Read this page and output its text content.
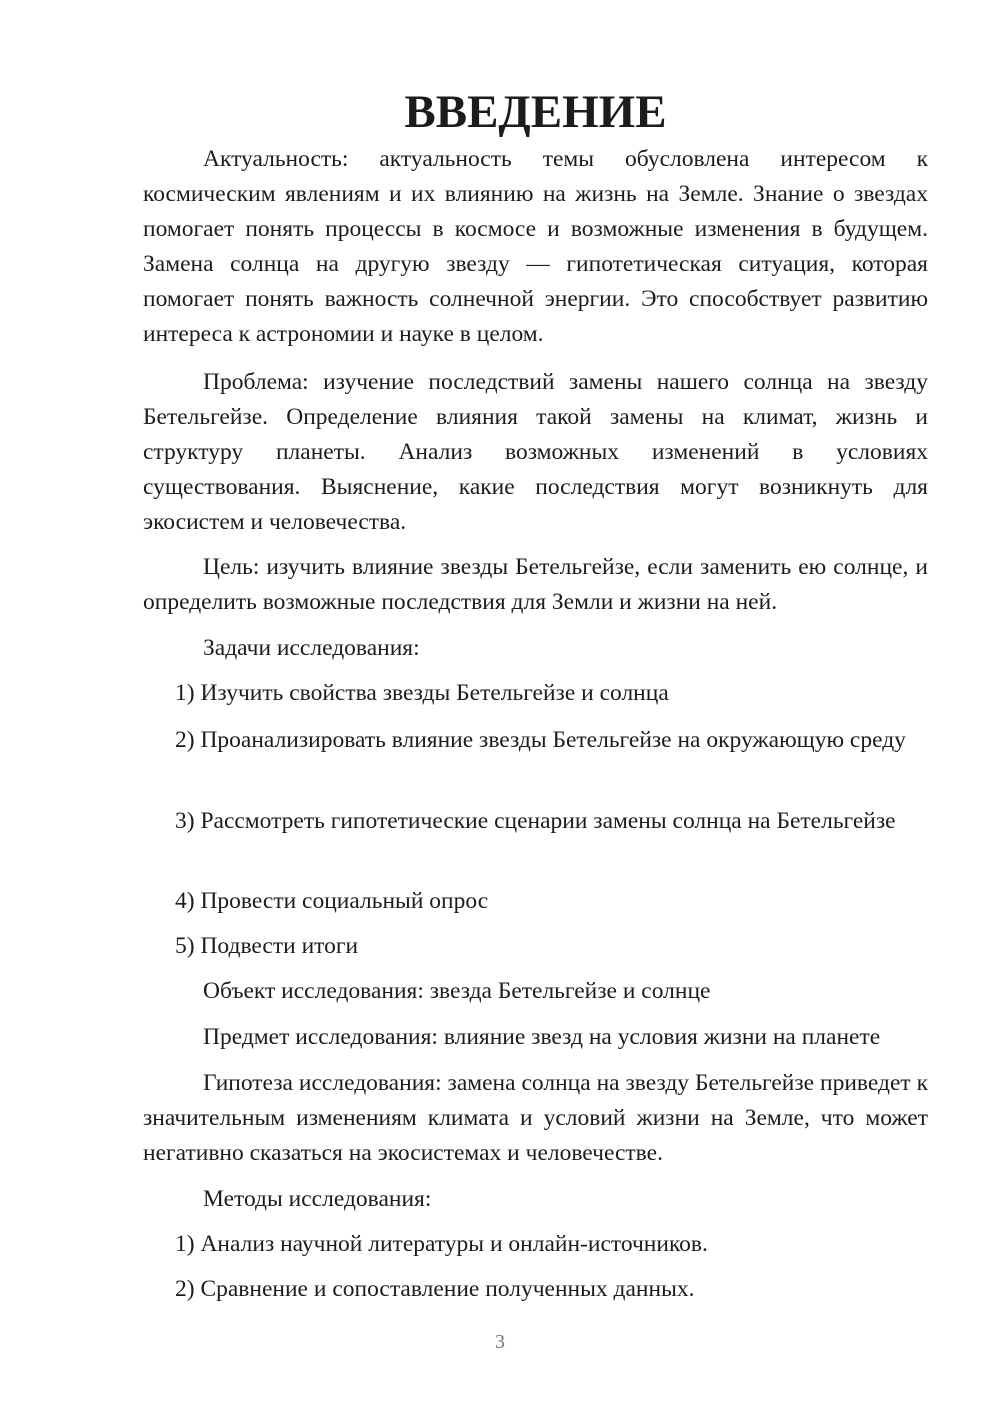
ВВЕДЕНИЕ

Актуальность: актуальность темы обусловлена интересом к космическим явлениям и их влиянию на жизнь на Земле. Знание о звездах помогает понять процессы в космосе и возможные изменения в будущем. Замена солнца на другую звезду — гипотетическая ситуация, которая помогает понять важность солнечной энергии. Это способствует развитию интереса к астрономии и науке в целом.

Проблема: изучение последствий замены нашего солнца на звезду Бетельгейзе. Определение влияния такой замены на климат, жизнь и структуру планеты. Анализ возможных изменений в условиях существования. Выяснение, какие последствия могут возникнуть для экосистем и человечества.

Цель: изучить влияние звезды Бетельгейзе, если заменить ею солнце, и определить возможные последствия для Земли и жизни на ней.

Задачи исследования:

1) Изучить свойства звезды Бетельгейзе и солнца

2) Проанализировать влияние звезды Бетельгейзе на окружающую среду

3) Рассмотреть гипотетические сценарии замены солнца на Бетельгейзе

4) Провести социальный опрос

5) Подвести итоги

Объект исследования: звезда Бетельгейзе и солнце

Предмет исследования: влияние звезд на условия жизни на планете

Гипотеза исследования: замена солнца на звезду Бетельгейзе приведет к значительным изменениям климата и условий жизни на Земле, что может негативно сказаться на экосистемах и человечестве.

Методы исследования:

1) Анализ научной литературы и онлайн-источников.

2) Сравнение и сопоставление полученных данных.

3
